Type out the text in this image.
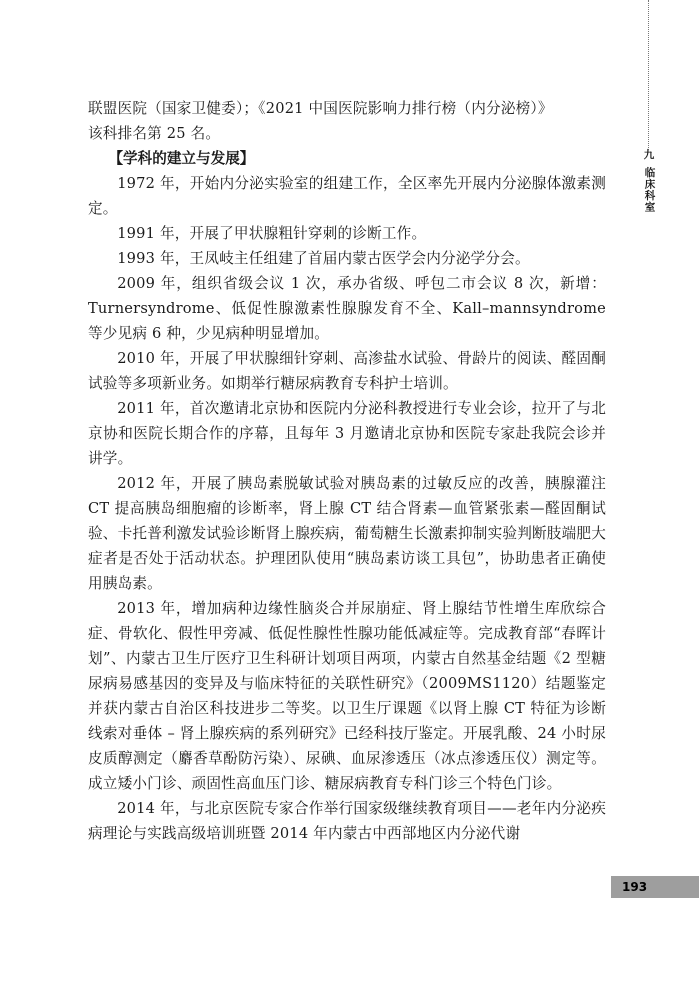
九
临床科室

联盟医院（国家卫健委）；《2021 中国医院影响力排行榜（内分泌榜）》

该科排名第 25 名。

【学科的建立与发展】

1972 年，开始内分泌实验室的组建工作，全区率先开展内分泌腺体激素测定。

1991 年，开展了甲状腺粗针穿刺的诊断工作。

1993 年，王凤岐主任组建了首届内蒙古医学会内分泌学分会。

2009 年，组织省级会议 1 次，承办省级、呼包二市会议 8 次，新增：Turnersyndrome、低促性腺激素性腺腺发育不全、Kall–mannsyndrome 等少见病 6 种，少见病种明显增加。

2010 年，开展了甲状腺细针穿刺、高渗盐水试验、骨龄片的阅读、醛固酮试验等多项新业务。如期举行糖尿病教育专科护士培训。

2011 年，首次邀请北京协和医院内分泌科教授进行专业会诊，拉开了与北京协和医院长期合作的序幕，且每年 3 月邀请北京协和医院专家赴我院会诊并讲学。

2012 年，开展了胰岛素脱敏试验对胰岛素的过敏反应的改善，胰腺灌注 CT 提高胰岛细胞瘤的诊断率，肾上腺 CT 结合肾素—血管紧张素—醛固酮试验、卡托普利激发试验诊断肾上腺疾病，葡萄糖生长激素抑制实验判断肢端肥大症者是否处于活动状态。护理团队使用“胰岛素访谈工具包”，协助患者正确使用胰岛素。

2013 年，增加病种边缘性脑炎合并尿崩症、肾上腺结节性增生库欣综合症、骨软化、假性甲旁减、低促性腺性性腺功能低减症等。完成教育部“春晖计划”、内蒙古卫生厅医疗卫生科研计划项目两项，内蒙古自然基金结题《2 型糖尿病易感基因的变异及与临床特征的关联性研究》（2009MS1120）结题鉴定并获内蒙古自治区科技进步二等奖。以卫生厅课题《以肾上腺 CT 特征为诊断线索对垂体 – 肾上腺疾病的系列研究》已经科技厅鉴定。开展乳酸、24 小时尿皮质醇测定（麝香草酚防污染）、尿碘、血尿渗透压（冰点渗透压仪）测定等。成立矮小门诊、顽固性高血压门诊、糖尿病教育专科门诊三个特色门诊。

2014 年，与北京医院专家合作举行国家级继续教育项目——老年内分泌疾病理论与实践高级培训班暨 2014 年内蒙古中西部地区内分泌代谢

193
